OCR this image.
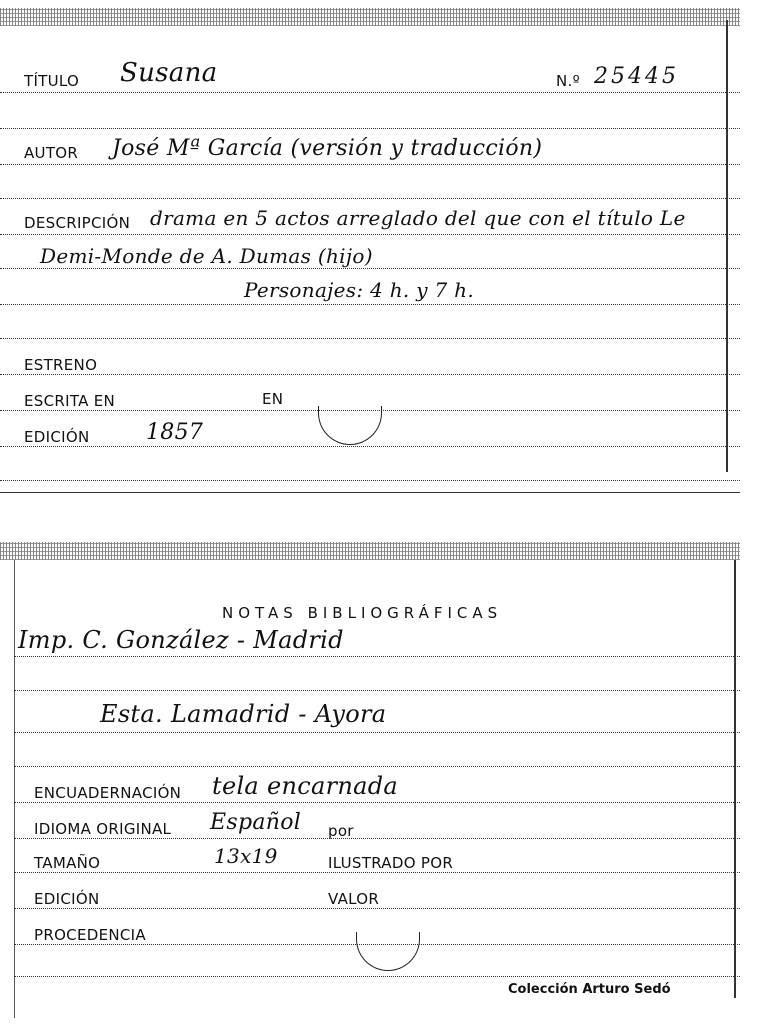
TÍTULO Susana	N.º 25445
AUTOR José Mª García (versión y traducción)
DESCRIPCIÓN drama en 5 actos arreglado del que con el título Le
Demi-Monde de A. Dumas (hijo)
Personajes: 4 h. y 7 h.
ESTRENO
ESCRITA EN	EN
EDICIÓN	1857
NOTAS BIBLIOGRÁFICAS
Imp. C. González - Madrid
Esta. Lamadrid - Ayora
ENCUADERNACIÓN tela encarnada
IDIOMA ORIGINAL Español por
TAMAÑO	13x19	ILUSTRADO POR
EDICIÓN	VALOR
PROCEDENCIA
Colección Arturo Sedó
